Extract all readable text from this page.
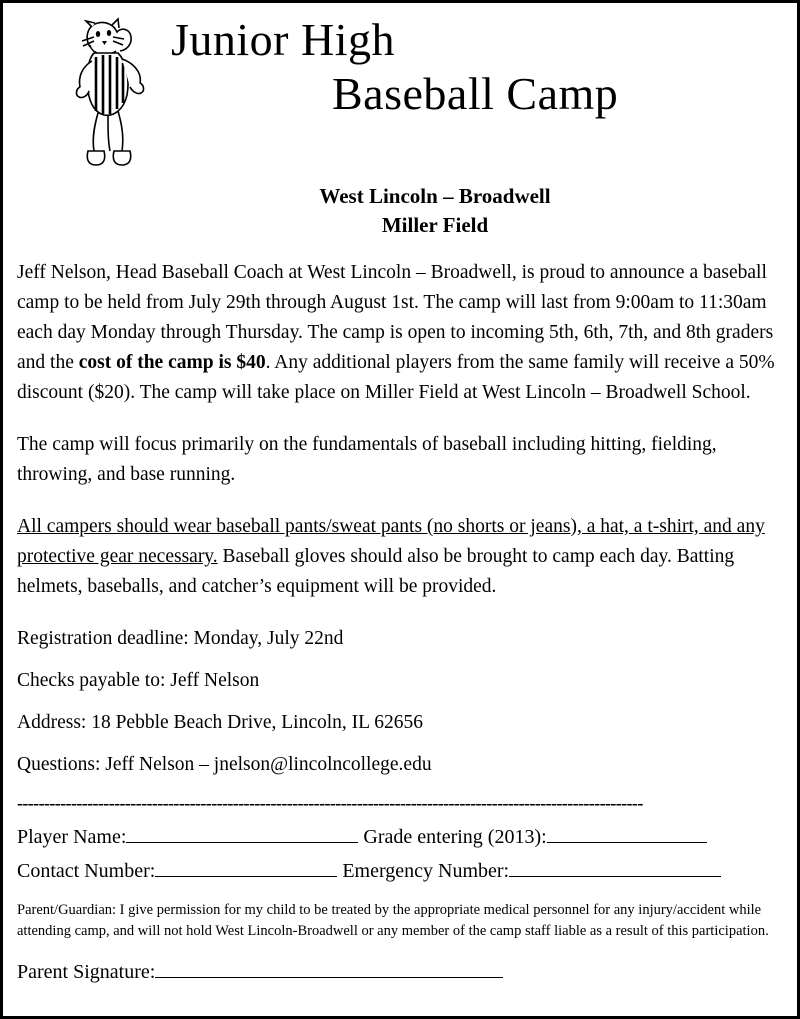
Junior High
Baseball Camp
West Lincoln – Broadwell
Miller Field

Jeff Nelson, Head Baseball Coach at West Lincoln – Broadwell, is proud to announce a baseball camp to be held from July 29th through August 1st. The camp will last from 9:00am to 11:30am each day Monday through Thursday. The camp is open to incoming 5th, 6th, 7th, and 8th graders and the cost of the camp is $40. Any additional players from the same family will receive a 50% discount ($20). The camp will take place on Miller Field at West Lincoln – Broadwell School.

The camp will focus primarily on the fundamentals of baseball including hitting, fielding, throwing, and base running.

All campers should wear baseball pants/sweat pants (no shorts or jeans), a hat, a t-shirt, and any protective gear necessary. Baseball gloves should also be brought to camp each day. Batting helmets, baseballs, and catcher’s equipment will be provided.

Registration deadline: Monday, July 22nd

Checks payable to: Jeff Nelson

Address: 18 Pebble Beach Drive, Lincoln, IL 62656

Questions: Jeff Nelson – jnelson@lincolncollege.edu

--------------------------------------------------------------------------------------------------------------------
Player Name:	Grade entering (2013):
Contact Number:	Emergency Number:
Parent/Guardian: I give permission for my child to be treated by the appropriate medical personnel for any injury/accident while attending camp, and will not hold West Lincoln-Broadwell or any member of the camp staff liable as a result of this participation.
Parent Signature:
